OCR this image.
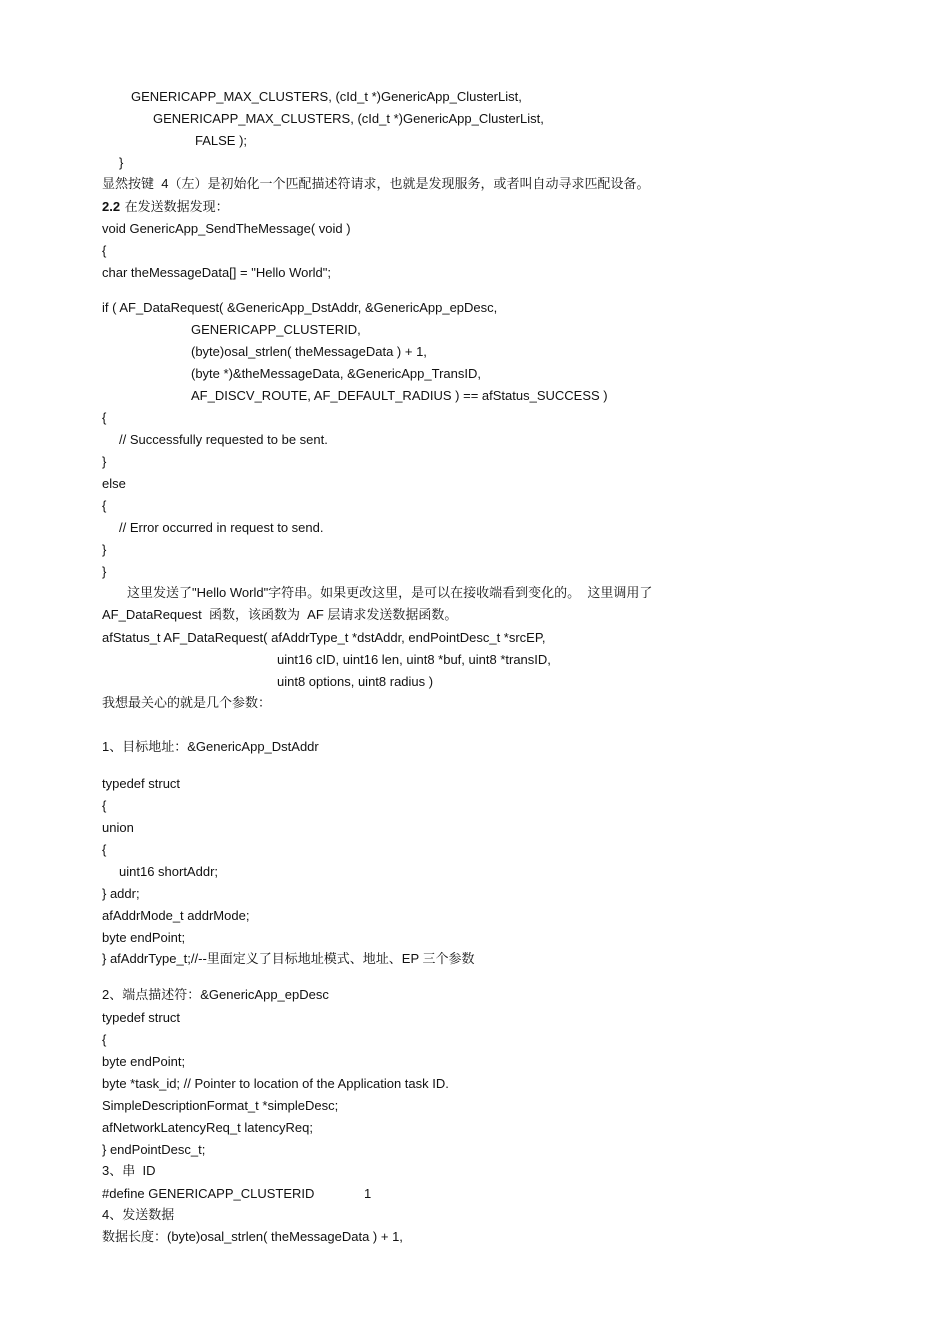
GENERICAPP_MAX_CLUSTERS, (cId_t *)GenericApp_ClusterList,
GENERICAPP_MAX_CLUSTERS, (cId_t *)GenericApp_ClusterList,
FALSE );
}
显然按键  4（左）是初始化一个匹配描述符请求，也就是发现服务，或者叫自动寻求匹配设备。
2.2 在发送数据发现：
void GenericApp_SendTheMessage( void )
{
char theMessageData[] = "Hello World";
if ( AF_DataRequest( &GenericApp_DstAddr, &GenericApp_epDesc,
GENERICAPP_CLUSTERID,
(byte)osal_strlen( theMessageData ) + 1,
(byte *)&theMessageData, &GenericApp_TransID,
AF_DISCV_ROUTE, AF_DEFAULT_RADIUS ) == afStatus_SUCCESS )
{
// Successfully requested to be sent.
}
else
{
// Error occurred in request to send.
}
}
这里发送了"Hello World"字符串。如果更改这里，是可以在接收端看到变化的。  这里调用了
AF_DataRequest  函数，该函数为  AF 层请求发送数据函数。
afStatus_t AF_DataRequest( afAddrType_t *dstAddr, endPointDesc_t *srcEP,
uint16 cID, uint16 len, uint8 *buf, uint8 *transID,
uint8 options, uint8 radius )
我想最关心的就是几个参数：
1、目标地址：&GenericApp_DstAddr
typedef struct
{
union
{
uint16 shortAddr;
} addr;
afAddrMode_t addrMode;
byte endPoint;
} afAddrType_t;//--里面定义了目标地址模式、地址、EP 三个参数
2、端点描述符：&GenericApp_epDesc
typedef struct
{
byte endPoint;
byte *task_id; // Pointer to location of the Application task ID.
SimpleDescriptionFormat_t *simpleDesc;
afNetworkLatencyReq_t latencyReq;
} endPointDesc_t;
3、串  ID
#define GENERICAPP_CLUSTERID	1
4、发送数据
数据长度：(byte)osal_strlen( theMessageData ) + 1,
